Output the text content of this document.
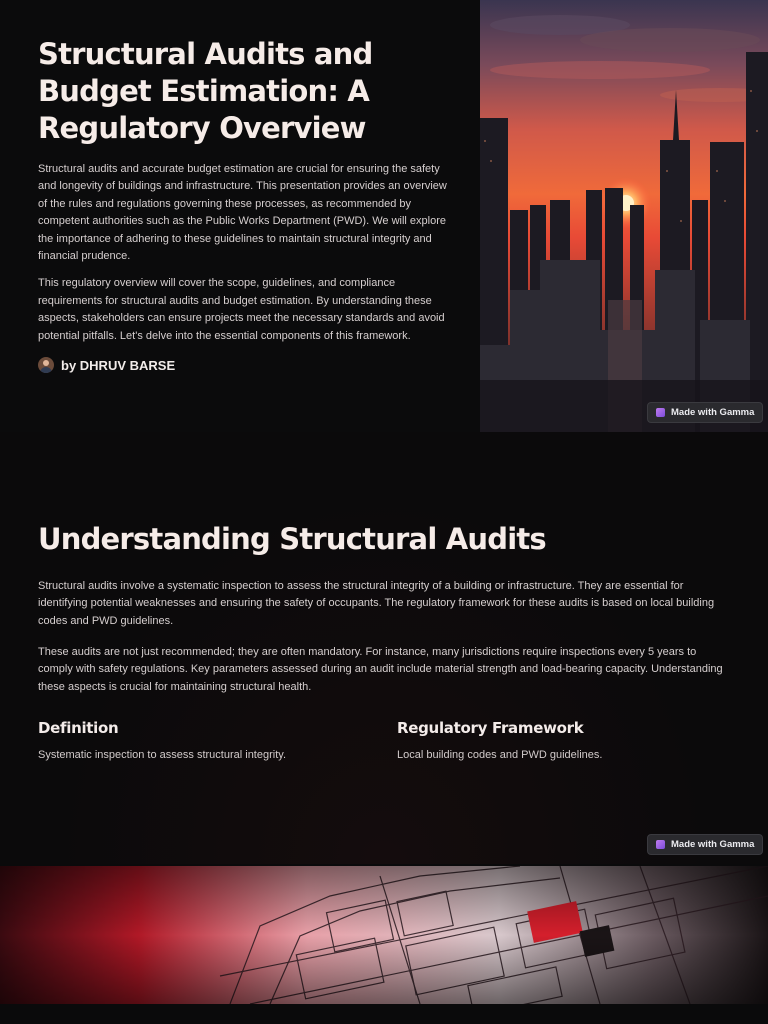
Structural Audits and Budget Estimation: A Regulatory Overview

Structural audits and accurate budget estimation are crucial for ensuring the safety and longevity of buildings and infrastructure. This presentation provides an overview of the rules and regulations governing these processes, as recommended by competent authorities such as the Public Works Department (PWD). We will explore the importance of adhering to these guidelines to maintain structural integrity and financial prudence.

This regulatory overview will cover the scope, guidelines, and compliance requirements for structural audits and budget estimation. By understanding these aspects, stakeholders can ensure projects meet the necessary standards and avoid potential pitfalls. Let's delve into the essential components of this framework.

by DHRUV BARSE
Made with Gamma
Understanding Structural Audits

Structural audits involve a systematic inspection to assess the structural integrity of a building or infrastructure. They are essential for identifying potential weaknesses and ensuring the safety of occupants. The regulatory framework for these audits is based on local building codes and PWD guidelines.

These audits are not just recommended; they are often mandatory. For instance, many jurisdictions require inspections every 5 years to comply with safety regulations. Key parameters assessed during an audit include material strength and load-bearing capacity. Understanding these aspects is crucial for maintaining structural health.

Definition

Systematic inspection to assess structural integrity.

Regulatory Framework

Local building codes and PWD guidelines.

Made with Gamma
